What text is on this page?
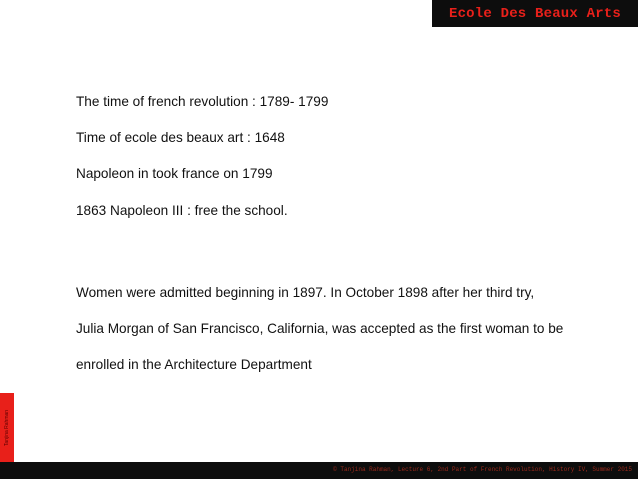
Ecole Des Beaux Arts
The time of french revolution : 1789- 1799
Time of ecole des beaux art : 1648
Napoleon in took france on 1799
1863 Napoleon III : free the school.
Women were admitted beginning in 1897. In October 1898 after her third try,
Julia Morgan of San Francisco, California, was accepted as the first woman to be
enrolled in the Architecture Department
Tanjina Rahman
© Tanjina Rahman, Lecture 6, 2nd Part of French Revolution, History IV, Summer 2015
